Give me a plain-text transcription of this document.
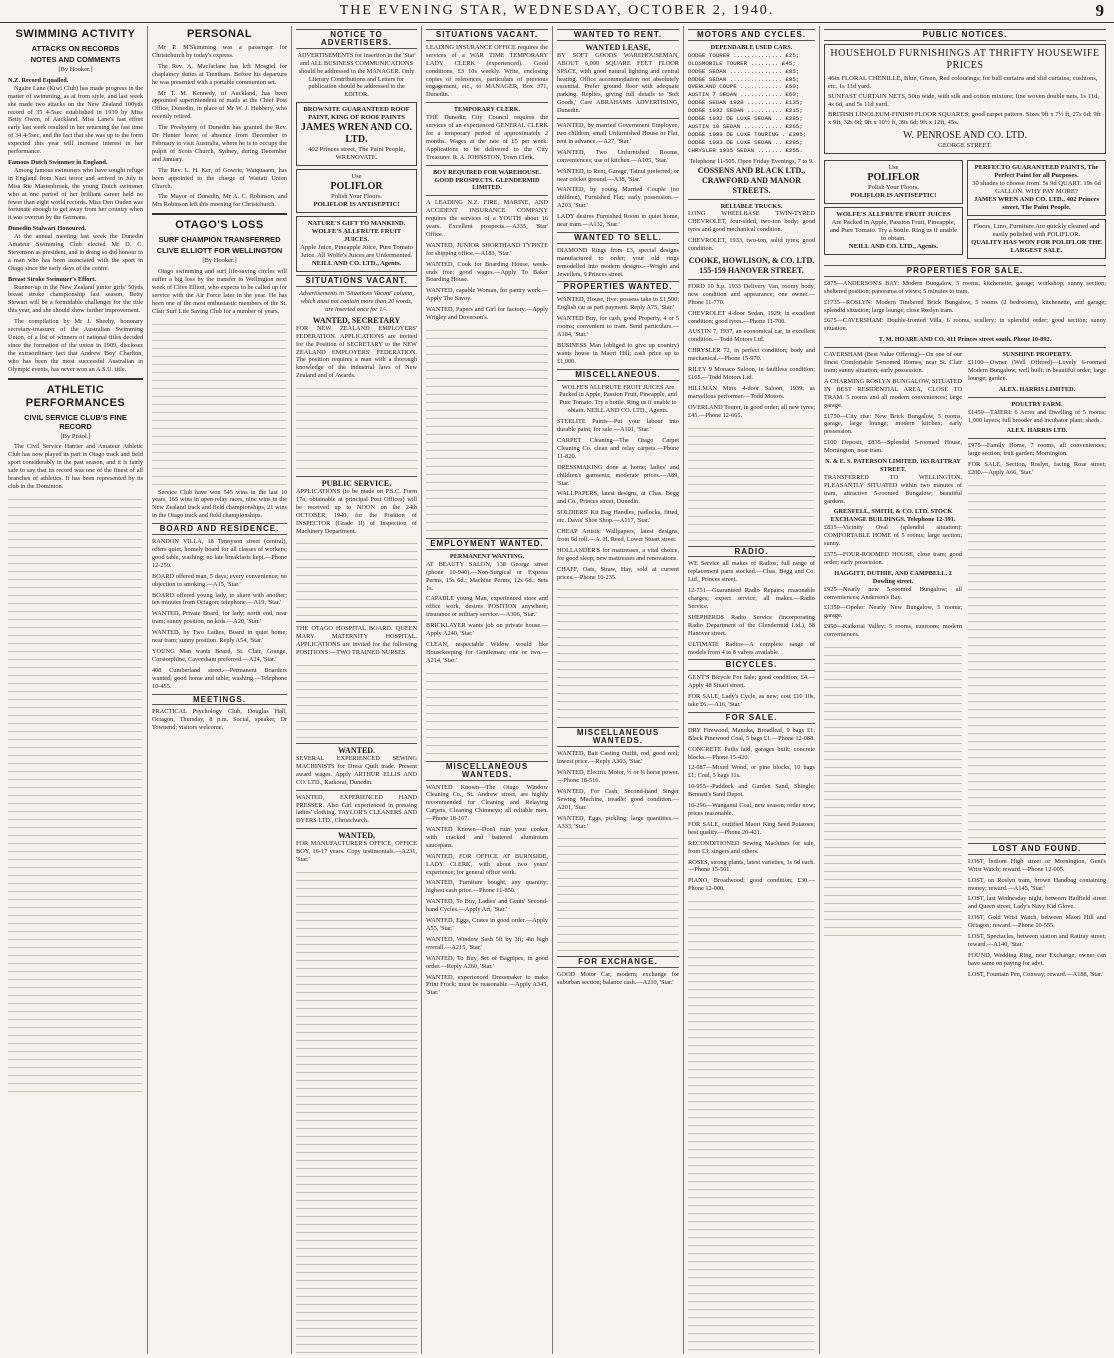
THE EVENING STAR, WEDNESDAY, OCTOBER 2, 1940.	9
SWIMMING ACTIVITY
ATTACKS ON RECORDS
NOTES AND COMMENTS
[By Hooker.]
N.Z. Record Equalled.

Ngaire Lane (Kiwi Club) has made progress in the matter of swimming, as at from style, and last week she made two attacks on the New Zealand 100yds record of 35 4-5sec established in 1939 by Miss Betty Owen, of Auckland. Miss Lane's fast effort early last week resulted in her returning the fast time of 34 4-5sec, and the fact that she was up to the form expected this year will increase interest in her performance.

Famous Dutch Swimmer in England.

Among famous swimmers who have sought refuge in England from Nazi terror and arrived in July is Miss Rie Mastenbroek, the young Dutch swimmer who at one period of her brilliant career held no fewer than eight world records. Miss Den Ouden was fortunate enough to get away from her country when it was overrun by the Germans.

Dunedin Stalwart Honoured.

At the annual meeting last week the Dunedin Amateur Swimming Club elected Mr D. C. Stevenson as president, and in doing so did honour to a man who has been associated with the sport in Otago since the early days of the centre.

Breast Stroke Swimmer's Effort.

Runner-up in the New Zealand junior girls' 50yds breast stroke championship last season, Betty Stewart will be a formidable challenger for the title this year, and she should show further improvement.

The compilation by Mr J. Sheehy, honorary secretary-treasurer of the Australian Swimming Union, of a list of winners of national titles decided since the formation of the union in 1909, discloses the extraordinary fact that Andrew 'Boy' Charlton, who has been the most successful Australian in Olympic events, has never won an A.S.U. title.

ATHLETIC PERFORMANCES
CIVIL SERVICE CLUB'S FINE RECORD
[By Pistol.]

The Civil Service Harrier and Amateur Athletic Club has now played its part in Otago track and field sport considerably in the past season, and it is fairly safe to say that its record was one of the finest of all branches of athletics. It has been represented by its club in the Dominion.

PERSONAL

Mr P. M'Skimming was a passenger for Christchurch by today's express.

The Rev. A. Macfarlane has left Mosgiel for chaplaincy duties at Trentham. Before his departure he was presented with a portable communion set.

Mr T. M. Kennedy, of Auckland, has been appointed superintendent of mails at the Chief Post Office, Dunedin, in place of Mr W. J. Hubbery, who recently retired.

The Presbytery of Dunedin has granted the Rev. Dr Hunter leave of absence from December to February to visit Australia, where he is to occupy the pulpit of Scots Church, Sydney, during December and January.

The Rev. L. H. Ker, of Gowrie, Waiquaaon, has been appointed to the charge of Waitati Union Church.

The Mayor of Dunedin, Mr A. C. Robinson, and Mrs Robinson left this morning for Christchurch.

OTAGO'S LOSS
SURF CHAMPION TRANSFERRED
CLIVE ELLIOTT FOR WELLINGTON
[By Hooker.]

Otago swimming and surf life-saving circles will suffer a big loss by the transfer to Wellington next week of Clive Elliott, who expects to be called up for service with the Air Force later in the year. He has been one of the most enthusiastic members of the St. Clair Surf Life Saving Club for a number of years.

Service Club have won 545 wins in the last 10 years, 165 wins in open relay races, nine wins in the New Zealand track and field championships, 21 wins in the Otago track and field championships.

BOARD AND RESIDENCE.
RANDON VILLA, 18 Tennyson street (central), offers quiet, homely board for all classes of workers; good table, washing; no late breakfasts kept.—Phone 12-259.
BOARD offered man, 5 days; every convenience; no objection to smoking.—A15, 'Star.'
BOARD offered young lady, to share with another; ten minutes from Octagon; telephone.—A19, 'Star.'
WANTED, Private Board, for lady; north end, near tram; sunny position, no kids.—A20, 'Star.'
WANTED, by Two Ladies, Board in quiet home; near tram; sunny position. Reply A54, 'Star.'
YOUNG Man wants Board, St. Clair, Grange, Corstorphine, Caversham preferred.—A24, 'Star.'
408 Cumberland street.—Permanent Boarders wanted; good home and table; washing.—Telephone 10-455.
MEETINGS.
PRACTICAL Psychology Club, Douglas Hall, Octagon, Thursday, 8 p.m. Social, speaker, Dr Townend; visitors welcome.
NOTICE TO ADVERTISERS.
ADVERTISEMENTS for insertion in the 'Star' and ALL BUSINESS COMMUNICATIONS should be addressed to the MANAGER. Only Literary Contributions and Letters for publication should be addressed to the EDITOR.
BROWNITE GUARANTEED ROOF PAINT, KING OF ROOF PAINTS

JAMES WREN AND CO. LTD.
402 Princes street, The Paint People, WRENOVATE.
Use
POLIFLOR
Polish Your Floors.
POLIFLOR IS ANTISEPTIC!
NATURE'S GIFT TO MANKIND. WOLFE'S ALLFRUTE FRUIT JUICES.
Apple Juice, Pineapple Juice, Pure Tomato Juice. All Wolfe's Juices are Unfermented.
NEILL AND CO. LTD., Agents.
SITUATIONS VACANT.
Advertisements in 'Situations Vacant' column, which must not contain more than 20 words, are inserted once for 1/-.
WANTED, SECRETARY
FOR NEW ZEALAND EMPLOYERS' FEDERATION. APPLICATIONS are invited for the Position of SECRETARY to the NEW ZEALAND EMPLOYERS' FEDERATION. The position requires a man with a thorough knowledge of the industrial laws of New Zealand and of Awards.
PUBLIC SERVICE.
APPLICATIONS (to be made on P.S.C. Form 17a, obtainable at principal Post Offices) will be received up to NOON on the 24th OCTOBER, 1940, for the Position of INSPECTOR (Grade II) of Inspection of Machinery Department.
THE OTAGO HOSPITAL BOARD. QUEEN MARY MATERNITY HOSPITAL. APPLICATIONS are invited for the following POSITIONS:—TWO TRAINED NURSES.
WANTED.
SEVERAL EXPERIENCED SEWING MACHINISTS for Dress Quilt trade. Present award wages. Apply ARTHUR ELLIS AND CO. LTD., Kaikorai, Dunedin.
WANTED, EXPERIENCED HAND PRESSER. Also Girl experienced in pressing ladies' clothing. TAYLOR'S CLEANERS AND DYERS LTD., Christchurch.
WANTED,
FOR MANUFACTURER'S OFFICE, OFFICE BOY, 16-17 years. Copy testimonials.—A231, 'Star.'
SITUATIONS VACANT.
LEADING INSURANCE OFFICE requires the services of a WAR TIME TEMPORARY LADY CLERK (experienced). Good conditions, £3 10s weekly. Write, enclosing copies of references, particulars of previous engagement, etc., to MANAGER, Box 371, Dunedin.
TEMPORARY CLERK.
THE Dunedin City Council requires the services of an experienced GENERAL CLERK for a temporary period of approximately 2 months. Wages at the rate of £5 per week. Applications to be delivered to the City Treasurer. R. A. JOHNSTON, Town Clerk.
BOY REQUIRED FOR WAREHOUSE. GOOD PROSPECTS. GLENDERMID LIMITED.
A LEADING N.Z. FIRE, MARINE, AND ACCIDENT INSURANCE COMPANY requires the services of a YOUTH about 16 years. Excellent prospects.—A335, 'Star' Office.
WANTED, JUNIOR SHORTHAND TYPISTE for shipping office.—A183, 'Star.'
WANTED, Cook for Boarding House, week-ends free; good wages.—Apply To Baker Boarding House.
WANTED, capable Woman, for pantry work.—Apply The Savoy.
WANTED, Papers and Girl for factory.—Apply Wrigley and Doverson's.
EMPLOYMENT WANTED.
PERMANENT WANTING.
AT BEAUTY SALON, 138 George street (phone 10-940).—Non-Surgical or Express Perms, 15s 6d.; Machine Perms, 12s 6d.; Sets 1s.
CAPABLE young Man, experienced store and office work, desires POSITION anywhere; insurance or military service.—A306, 'Star.'
BRICKLAYER wants job on private house.—Apply A240, 'Star.'
CLEAN, respectable Widow would like Housekeeping for Gentleman; one or two.—A214, 'Star.'
MISCELLANEOUS WANTEDS.
WANTED Known—The Otago Window Cleaning Co., St. Andrew street, are highly recommended for Cleaning and Relaying Carpets, Cleaning Chimneys; all reliable men.—Phone 18-167.
WANTED Known—Don't ruin your cooker with cracked and battered aluminium saucepans.
WANTED, FOR OFFICE AT BURNSIDE, LADY CLERK, with about two years' experience; for general office work.
WANTED, Furniture bought, any quantity; highest cash price.—Phone 11-850.
WANTED, To Buy, Ladies' and Gents' Second-hand Cycles.—Apply Art, 'Star.'
WANTED, Eggs, Crates in good order.—Apply A55, 'Star.'
WANTED, Window Sash 5ft by 3ft; 4in high overall.—A215, 'Star.'
WANTED, To Buy, Set of Bagpipes, in good order.—Reply A260, 'Star.'
WANTED, experienced Dressmaker to make Print Frock; must be reasonable.—Apply A345, 'Star.'
WANTED TO RENT.
WANTED LEASE,
BY SOFT GOODS WAREHOUSEMAN, ABOUT 6,000 SQUARE FEET FLOOR SPACE, with good natural lighting and central heating. Office accommodation not absolutely essential. Prefer ground floor with adequate parking. Replies, giving full details to 'Soft Goods,' Care ABRAHAMS ADVERTISING, Dunedin.
WANTED, by married Government Employee, two children, small Unfurnished House or Flat, rent in advance.—A27, 'Star.'
WANTED, Two Unfurnished Rooms, conveniences; use of kitchen.—A105, 'Star.'
WANTED, to Rent, Garage, Tainui preferred; or near cricket ground.—A38, 'Star.'
WANTED, by young Married Couple (no children), Furnished Flat; early possession.—A203, 'Star.'
LADY desires Furnished Room in quiet home, near tram.—A132, 'Star.'
WANTED TO SELL.
DIAMOND Rings from £3, special designs manufactured to order; your old rings remodelled into modern designs.—Wright and Jewellers, 9 Princes street.
PROPERTIES WANTED.
WANTED, House, five: possess take to £1,500; English car as part payment. Reply A75, 'Star.'
WANTED Buy, for cash, good Property, 4 or 5 rooms; convenient to tram. Send particulars.—A184, 'Star.'
BUSINESS Man (obliged to give up country) wants house in Maori Hill; cash price up to £1,000.
MISCELLANEOUS.
WOLFE'S ALLFRUTE FRUIT JUICES Are Packed in Apple, Passion Fruit, Pineapple, and Pure Tomato. Try a bottle. Ring us if unable to obtain. NEILL AND CO. LTD., Agents.
STEELITE Paints—Put your labour into durable paint; for sale.—A101, 'Star.'
CARPET Cleaning—The Otago Carpet Cleaning Co. clean and relay carpets.—Phone 11-820.
DRESSMAKING done at home; ladies' and children's garments; moderate prices.—A89, 'Star.'
WALLPAPERS, latest designs, at Chas. Begg and Co., Princes street, Dunedin.
SOLDIERS' Kit Bag Handles, padlocks, fitted, etc. Davis' Shoe Shop.—A117, 'Star.'
CHEAP Artistic Wallpapers, latest designs, from 6d roll.—A. H. Reed, Lower Stuart street.
HOLLANDER'S for mattresses, a vital choice, for good sleep; new mattresses and renovations.
CHAFF, Oats, Straw, Hay, sold at current prices.—Phone 10-235.
MISCELLANEOUS WANTEDS.
WANTED, Bait Casting Outfit, rod, good reel; lowest price.—Reply A303, 'Star.'
WANTED, Electric Motor, ½ or ¼ horse power.—Phone 18-516.
WANTED, For Cash, Second-hand Singer Sewing Machine, treadle; good condition.—A201, 'Star.'
WANTED, Eggs, pickling; large quantities.—A333, 'Star.'
FOR EXCHANGE.
GOOD Motor Car, modern; exchange for suburban section; balance cash.—A210, 'Star.'
MOTORS AND CYCLES.
DEPENDABLE USED CARS.
DODGE TOURER .............. £25; OLDSMOBILE TOURER ........ £45; DODGE SEDAN ............... £85; DODGE SEDAN ............... £95; OVERLAND COUPE ............ £50; AUSTIN 7 SEDAN ............ £60; DODGE SEDAN 1928 .......... £135; DODGE 1932 SEDAN .......... £215; DODGE 1932 DE LUXE SEDAN .. £285; AUSTIN 10 SEDAN ........... £265; DODGE 1939 DE LUXE TOURING . £305; DODGE 1933 DE LUXE SEDAN .. £295; CHRYSLER 1935 SEDAN ....... £255.
Telephone 11-505. Open Friday Evenings, 7 to 9.
COSSENS AND BLACK LTD., CRAWFORD AND MANOR STREETS.
RELIABLE TRUCKS.
LONG WHEELBASE TWIN-TYRED CHEVROLET, four-sided, two-ton body; good tyres and good mechanical condition.
CHEVROLET, 1933, two-ton, solid tyres; good condition.
COOKE, HOWLISON, & CO. LTD. 155-159 HANOVER STREET.
FORD 10 h.p. 1933 Delivery Van, roomy body, new condition and appearance; one owner.—Phone 11-770.
CHEVROLET 4-door Sedan, 1929; in excellent condition; good tyres.—Phone 11-700.
AUSTIN 7, 1937, an economical car, in excellent condition.—Todd Motors Ltd.
CHRYSLER 72, in perfect condition; body and mechanical.—Phone 15-970.
RILEY 9 Monaco Saloon, in faultless condition; £165.—Todd Motors Ltd.
HILLMAN Minx 4-door Saloon, 1939; as marvellous performer.—Todd Motors.
OVERLAND Tourer, in good order; all new tyres; £45.—Phone 12-665.
RADIO.
WE Service all makes of Radios; full range of replacement parts stocked.—Chas. Begg and Co. Ltd., Princes street.
12-751—Guaranteed Radio Repairs; reasonable charges; expert service; all makes.—Radio Service.
SHEPHERDS Radio Service (incorporating Radio Department of the Glendermid Ltd.), 58 Hanover street.
ULTIMATE Radios—A complete range of models from 4 to 8 valves available.
BICYCLES.
GENT'S Bicycle For Sale; good condition; £4.—Apply 48 Stuart street.
FOR SALE, Lady's Cycle, as new; cost £10 10s, take £6.—A16, 'Star.'
FOR SALE.
DRY Firewood, Manuka, Broadleaf, 9 bags £1; Black Pinewood Coal, 5 bags £1.—Phone 12-088.
CONCRETE Paths laid, garages built; concrete blocks.—Phone 15-420.
12-087—Mixed Wood, or pine blocks, 10 bags £1; Coal, 5 bags 11s.
10-955—Paddock and Garden Sand, Shingle; Bennett's Sand Depot.
10-296—Wanganui Coal, new season; order now; prices reasonable.
FOR SALE, certified Maori King Seed Potatoes; best quality.—Phone 20-421.
RECONDITIONED Sewing Machines for sale, from £3; singers and others.
ROSES, strong plants, latest varieties, 1s 6d each.—Phone 15-501.
PIANO, Broadwood; good condition; £30.—Phone 12-000.
PUBLIC NOTICES.
HOUSEHOLD FURNISHINGS AT THRIFTY HOUSEWIFE PRICES
46in FLORAL CHENILLE, Blue, Green, Red colourings; for ball curtains and slid curtains; cushions, etc. 1s 11d yard.
SUNFAST CURTAIN NETS, 50in wide, with silk and cotton mixture; fine woven double nets, 1s 11d, 4s 6d, and 5s 11d yard.
BRITISH LINOLEUM-FINISH FLOOR SQUARES; good carpet pattern. Sizes 9ft x 7½ ft, 27s 6d; 9ft x 9ft, 32s 6d; 9ft x 10½ ft, 39s 6d; 9ft x 12ft, 45s.
W. PENROSE AND CO. LTD.
GEORGE STREET.
Use
POLIFLOR
Polish Your Floors.
POLIFLOR IS ANTISEPTIC!
WOLFE'S ALLFRUTE FRUIT JUICES
Are Packed in Apple, Passion Fruit, Pineapple, and Pure Tomato. Try a bottle. Ring us if unable to obtain.
NEILL AND CO. LTD., Agents.
PERFECTO GUARANTEED PAINTS, The Perfect Paint for all Purposes.
30 shades to choose from. 5s 9d QUART. 19s 6d GALLON. WHY PAY MORE?
JAMES WREN AND CO. LTD., 402 Princes street, The Paint People.
Floors, Lino, Furniture Are quickly cleaned and easily polished with POLIFLOR.
QUALITY HAS WON FOR POLIFLOR THE LARGEST SALE.
PROPERTIES FOR SALE.
£875—ANDERSON'S BAY: Modern Bungalow, 5 rooms, kitchenette; garage; workshop; sunny section; sheltered position; panorama of views; 5 minutes to tram.
£1735—ROSLYN: Modern Timbered Brick Bungalow, 5 rooms (2 bedrooms), kitchenette, and garage; splendid situation; large lounge; close Roslyn tram.
£675—CAVERSHAM: Double-fronted Villa, 6 rooms, scullery; in splendid order; good section; sunny situation.
T. M. HOARE AND CO. 411 Princes street south. Phone 10-892.
CAVERSHAM (Best Value Offering)—On one of our finest Comfortable 5-roomed Homes, near St. Clair tram; sunny situation; early possession.
A CHARMING ROSLYN BUNGALOW, SITUATED IN BEST RESIDENTIAL AREA, CLOSE TO TRAM. 5 rooms and all modern conveniences; large garage.
£1750—City rise: New Brick Bungalow, 5 rooms, garage, large lounge; modern kitchen; early possession.
£100 Deposit, £835—Splendid 5-roomed House, Mornington, near tram.
N. & E. S. PATERSON LIMITED. 163 RATTRAY STREET.
TRANSFERRED TO WELLINGTON. PLEASANTLY SITUATED within two minutes of tram, attractive 5-roomed Bungalow; beautiful gardens.
GRENFELL, SMITH, & CO. LTD. STOCK EXCHANGE BUILDINGS. Telephone 12-391.
£835—Vicinity Oval (splendid situation): COMFORTABLE HOME of 5 rooms; large section; sunny.
£575—FOUR-ROOMED HOUSE, close tram; good order; early possession.
HAGGITT, DUTHIE, AND CAMPBELL. 2 Dowling street.
£925—Nearly new 5-roomed Bungalow; all conveniences; Anderson's Bay.
£1350—Opoho: Nearly New Bungalow, 5 rooms; garage.
£950—Kaikorai Valley: 5 rooms, sunroom; modern conveniences.
SUNSHINE PROPERTY.
£1100—Owner (Well Offered)—Lovely 6-roomed Modern Bungalow, well built; in beautiful order; large lounge; garden.
ALEX. HARRIS LIMITED.
POULTRY FARM.
£1450—TAIERI: 6 Acres and Dwelling of 5 rooms; 1,000 layers; full brooder and incubator plant; sheds.
ALEX. HARRIS LTD.
£975—Family Home, 7 rooms, all conveniences; large section; fruit garden; Mornington.
FOR SALE, Section, Roslyn, facing Rose street; £200.—Apply A66, 'Star.'
LOST AND FOUND.
LOST, bottom High street or Mornington, Gent's Wrist Watch; reward.—Phone 12-005.
LOST, on Roslyn tram, brown Handbag containing money; reward.—A145, 'Star.'
LOST, last Wednesday night, between Hadfield street and Queen street, Lady's Navy Kid Glove.
LOST, Gold Wrist Watch, between Maori Hill and Octagon; reward.—Phone 10-555.
LOST, Spectacles, between station and Rattray street; reward.—A140, 'Star.'
FOUND, Wedding Ring, near Exchange; owner can have same on paying for advt.
LOST, Fountain Pen, Conway; reward.—A188, 'Star.'
